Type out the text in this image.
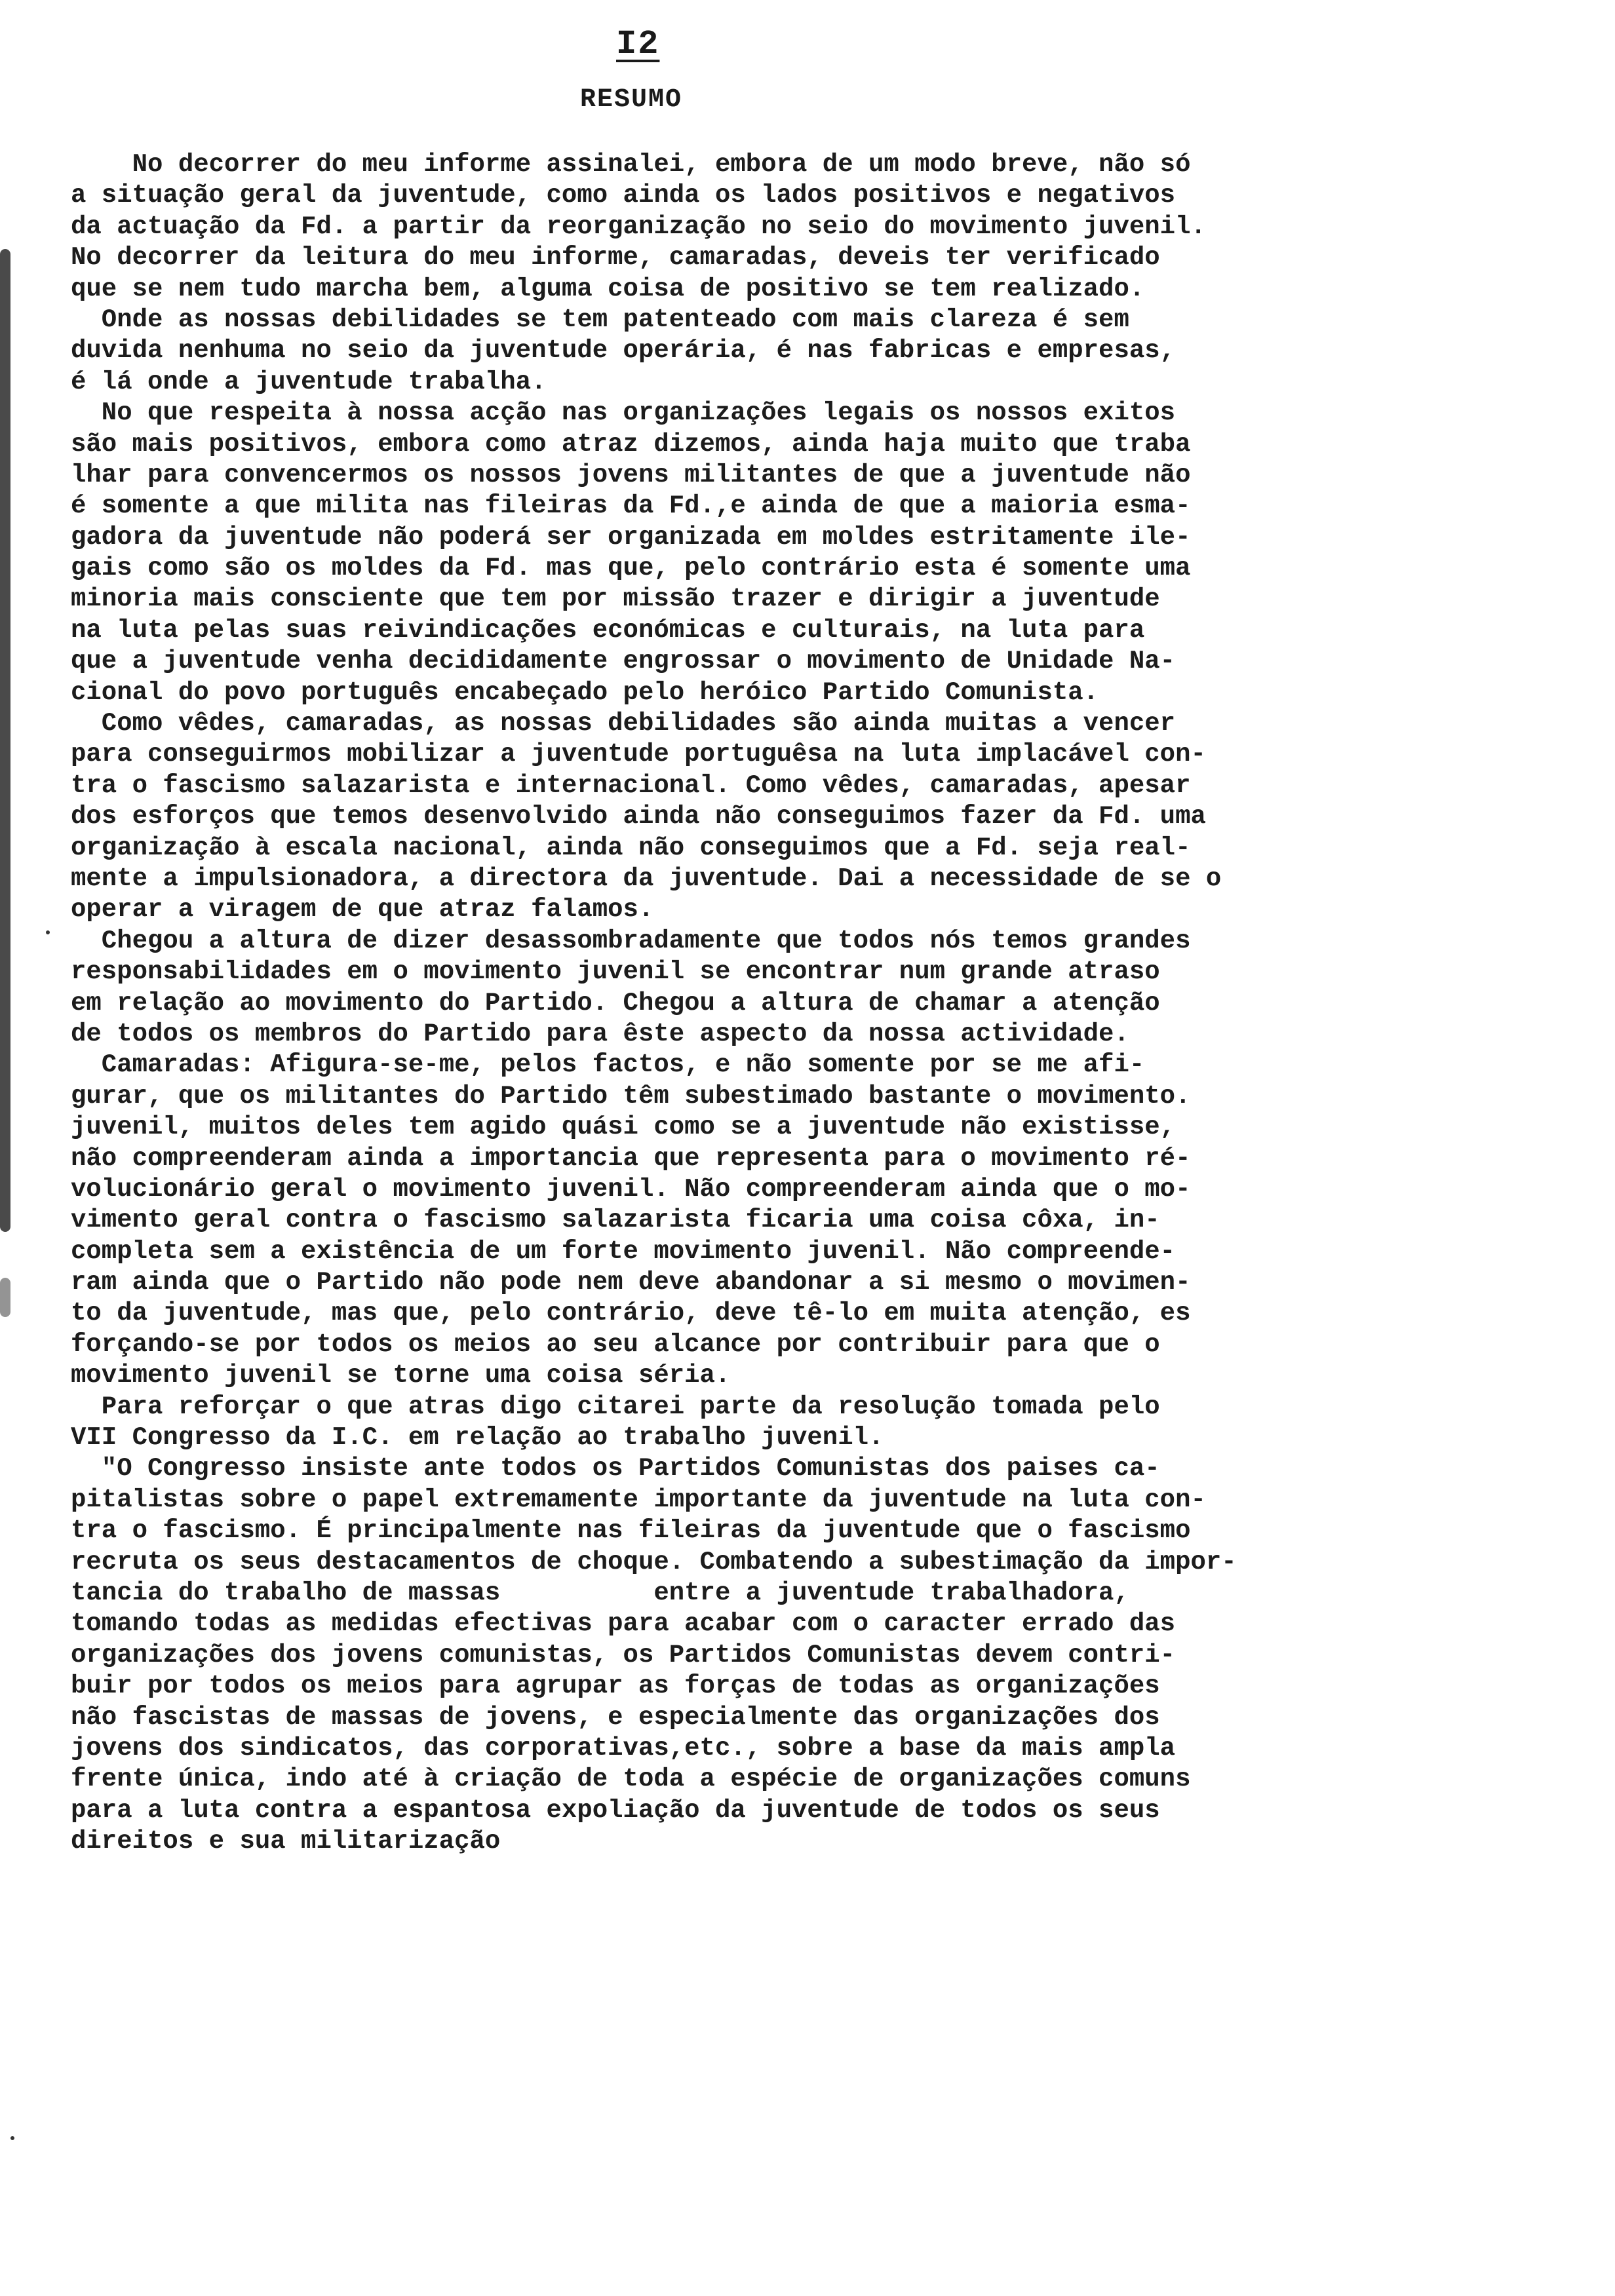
I2
RESUMO
No decorrer do meu informe assinalei, embora de um modo breve, não só
a situação geral da juventude, como ainda os lados positivos e negativos
da actuação da Fd. a partir da reorganização no seio do movimento juvenil.
No decorrer da leitura do meu informe, camaradas, deveis ter verificado
que se nem tudo marcha bem, alguma coisa de positivo se tem realizado.
Onde as nossas debilidades se tem patenteado com mais clareza é sem
duvida nenhuma no seio da juventude operária, é nas fabricas e empresas,
é lá onde a juventude trabalha.
No que respeita à nossa acção nas organizações legais os nossos exitos
são mais positivos, embora como atraz dizemos, ainda haja muito que traba
lhar para convencermos os nossos jovens militantes de que a juventude não
é somente a que milita nas fileiras da Fd.,e ainda de que a maioria esma-
gadora da juventude não poderá ser organizada em moldes estritamente ile-
gais como são os moldes da Fd. mas que, pelo contrário esta é somente uma
minoria mais consciente que tem por missão trazer e dirigir a juventude
na luta pelas suas reivindicações económicas e culturais, na luta para
que a juventude venha decididamente engrossar o movimento de Unidade Na-
cional do povo português encabeçado pelo heróico Partido Comunista.
Como vêdes, camaradas, as nossas debilidades são ainda muitas a vencer
para conseguirmos mobilizar a juventude portuguêsa na luta implacável con-
tra o fascismo salazarista e internacional. Como vêdes, camaradas, apesar
dos esforços que temos desenvolvido ainda não conseguimos fazer da Fd. uma
organização à escala nacional, ainda não conseguimos que a Fd. seja real-
mente a impulsionadora, a directora da juventude. Dai a necessidade de se o
operar a viragem de que atraz falamos.
Chegou a altura de dizer desassombradamente que todos nós temos grandes
responsabilidades em o movimento juvenil se encontrar num grande atraso
em relação ao movimento do Partido. Chegou a altura de chamar a atenção
de todos os membros do Partido para êste aspecto da nossa actividade.
Camaradas: Afigura-se-me, pelos factos, e não somente por se me afi-
gurar, que os militantes do Partido têm subestimado bastante o movimento.
juvenil, muitos deles tem agido quási como se a juventude não existisse,
não compreenderam ainda a importancia que representa para o movimento ré-
volucionário geral o movimento juvenil. Não compreenderam ainda que o mo-
vimento geral contra o fascismo salazarista ficaria uma coisa côxa, in-
completa sem a existência de um forte movimento juvenil. Não compreende-
ram ainda que o Partido não pode nem deve abandonar a si mesmo o movimen-
to da juventude, mas que, pelo contrário, deve tê-lo em muita atenção, es
forçando-se por todos os meios ao seu alcance por contribuir para que o
movimento juvenil se torne uma coisa séria.
Para reforçar o que atras digo citarei parte da resolução tomada pelo
VII Congresso da I.C. em relação ao trabalho juvenil.
"O Congresso insiste ante todos os Partidos Comunistas dos paises ca-
pitalistas sobre o papel extremamente importante da juventude na luta con-
tra o fascismo. É principalmente nas fileiras da juventude que o fascismo
recruta os seus destacamentos de choque. Combatendo a subestimação da impor-
tancia do trabalho de massas          entre a juventude trabalhadora,
tomando todas as medidas efectivas para acabar com o caracter errado das
organizações dos jovens comunistas, os Partidos Comunistas devem contri-
buir por todos os meios para agrupar as forças de todas as organizações
não fascistas de massas de jovens, e especialmente das organizações dos
jovens dos sindicatos, das corporativas,etc., sobre a base da mais ampla
frente única, indo até à criação de toda a espécie de organizações comuns
para a luta contra a espantosa expoliação da juventude de todos os seus
direitos e sua militarização
